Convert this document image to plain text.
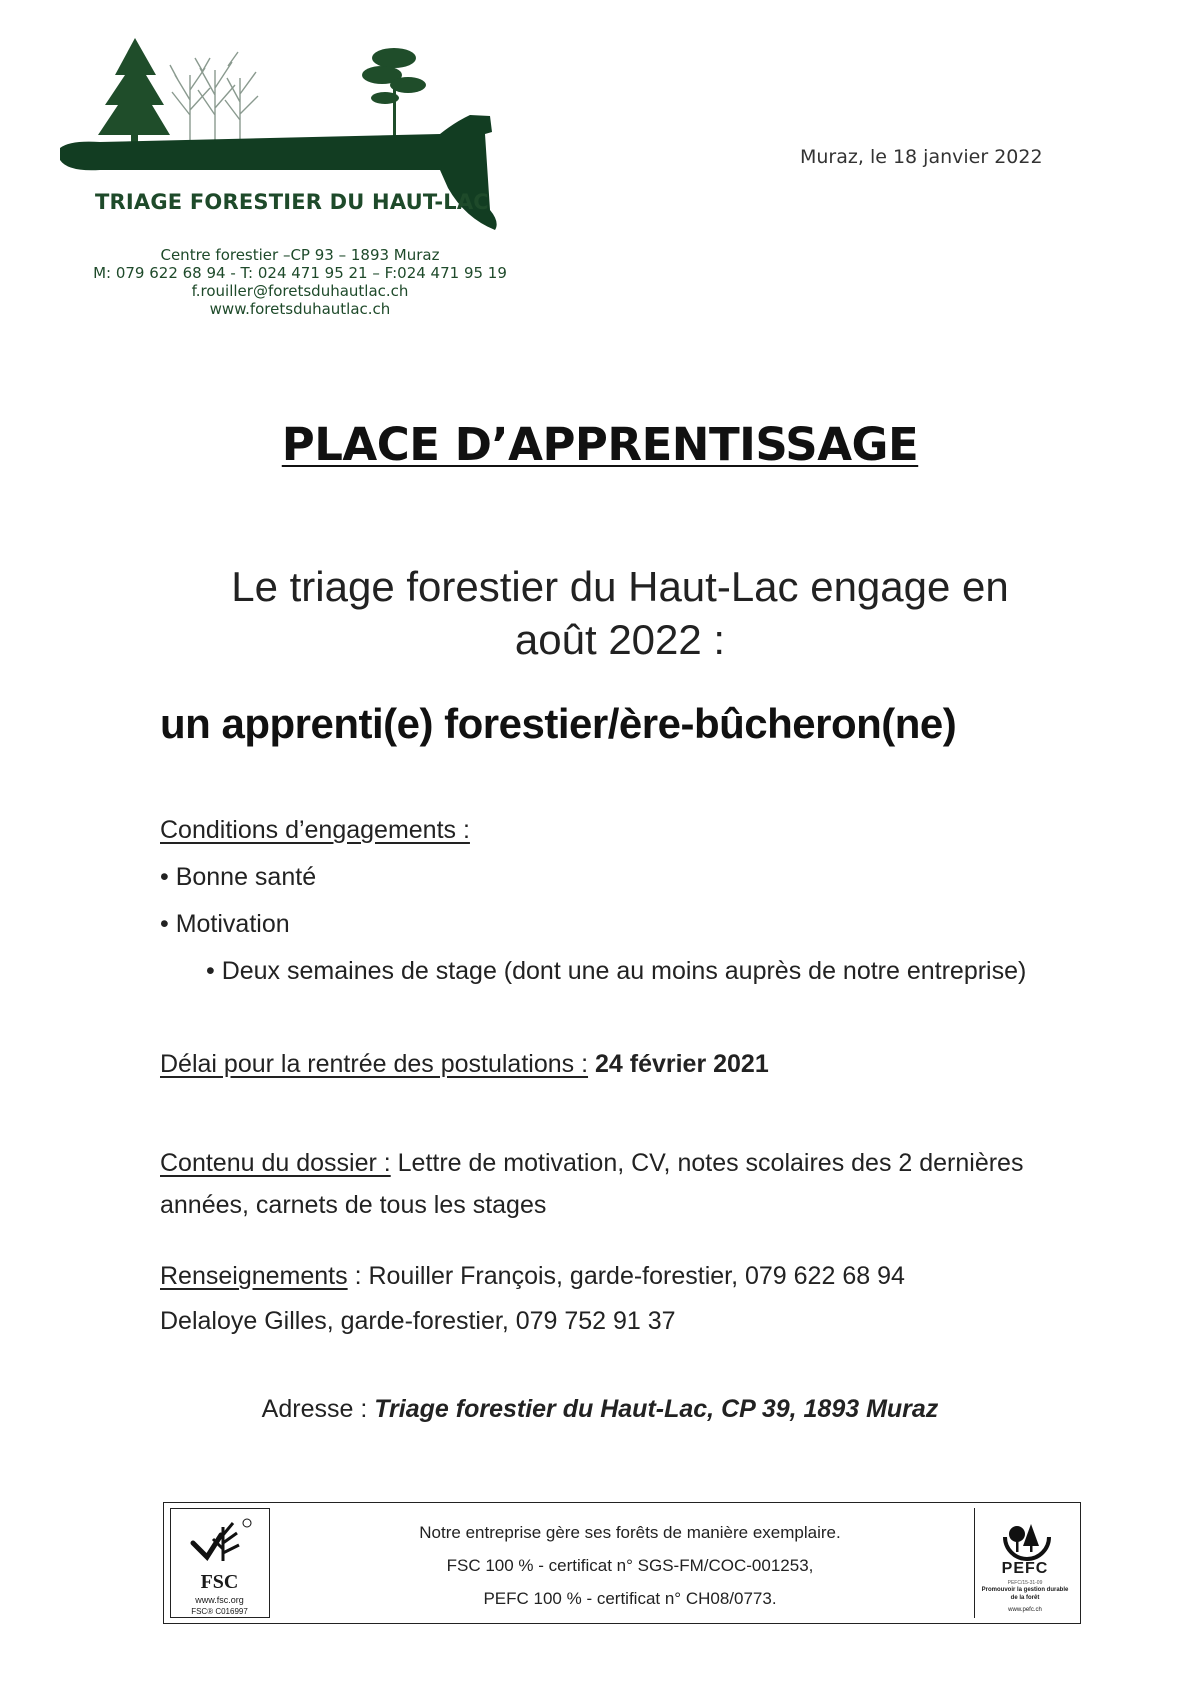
TRIAGE FORESTIER DU HAUT-LAC
Centre forestier –CP 93 – 1893 Muraz
M: 079 622 68 94 - T: 024 471 95 21 – F:024 471 95 19
f.rouiller@foretsduhautlac.ch
www.foretsduhautlac.ch
Muraz, le 18 janvier 2022
PLACE D’APPRENTISSAGE
Le triage forestier du Haut-Lac engage en
août 2022 :
un apprenti(e) forestier/ère-bûcheron(ne)
Conditions d’engagements :
• Bonne santé
• Motivation
• Deux semaines de stage (dont une au moins auprès de notre entreprise)
Délai pour la rentrée des postulations : 24 février 2021
Contenu du dossier : Lettre de motivation, CV, notes scolaires des 2 dernières années, carnets de tous les stages
Renseignements : Rouiller François, garde-forestier, 079 622 68 94
Delaloye Gilles, garde-forestier, 079 752 91 37
Adresse : Triage forestier du Haut-Lac, CP 39, 1893 Muraz
FSC
www.fsc.org
FSC® C016997
Notre entreprise gère ses forêts de manière exemplaire.
FSC 100 % - certificat n° SGS-FM/COC-001253,
PEFC 100 % - certificat n° CH08/0773.
PEFC
PEFC/15-31-09
Promouvoir la gestion durable
de la forêt
www.pefc.ch
